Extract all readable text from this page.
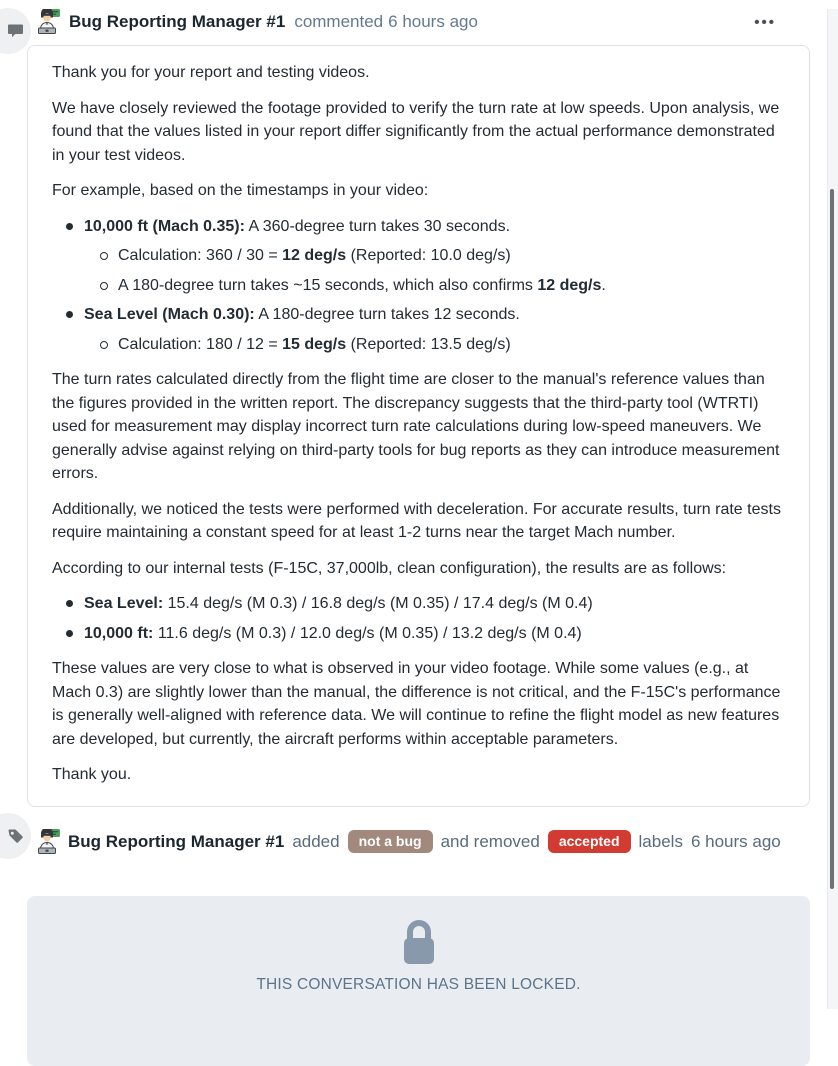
Bug Reporting Manager #1 commented 6 hours ago	•••

Thank you for your report and testing videos.

We have closely reviewed the footage provided to verify the turn rate at low speeds. Upon analysis, we found that the values listed in your report differ significantly from the actual performance demonstrated in your test videos.

For example, based on the timestamps in your video:

10,000 ft (Mach 0.35): A 360-degree turn takes 30 seconds.
Calculation: 360 / 30 = 12 deg/s (Reported: 10.0 deg/s)
A 180-degree turn takes ~15 seconds, which also confirms 12 deg/s.
Sea Level (Mach 0.30): A 180-degree turn takes 12 seconds.
Calculation: 180 / 12 = 15 deg/s (Reported: 13.5 deg/s)

The turn rates calculated directly from the flight time are closer to the manual's reference values than the figures provided in the written report. The discrepancy suggests that the third-party tool (WTRTI) used for measurement may display incorrect turn rate calculations during low-speed maneuvers. We generally advise against relying on third-party tools for bug reports as they can introduce measurement errors.

Additionally, we noticed the tests were performed with deceleration. For accurate results, turn rate tests require maintaining a constant speed for at least 1-2 turns near the target Mach number.

According to our internal tests (F-15C, 37,000lb, clean configuration), the results are as follows:

Sea Level: 15.4 deg/s (M 0.3) / 16.8 deg/s (M 0.35) / 17.4 deg/s (M 0.4)
10,000 ft: 11.6 deg/s (M 0.3) / 12.0 deg/s (M 0.35) / 13.2 deg/s (M 0.4)

These values are very close to what is observed in your video footage. While some values (e.g., at Mach 0.3) are slightly lower than the manual, the difference is not critical, and the F-15C's performance is generally well-aligned with reference data. We will continue to refine the flight model as new features are developed, but currently, the aircraft performs within acceptable parameters.

Thank you.

Bug Reporting Manager #1 added	not a bug	and removed	accepted	labels 6 hours ago
THIS CONVERSATION HAS BEEN LOCKED.
